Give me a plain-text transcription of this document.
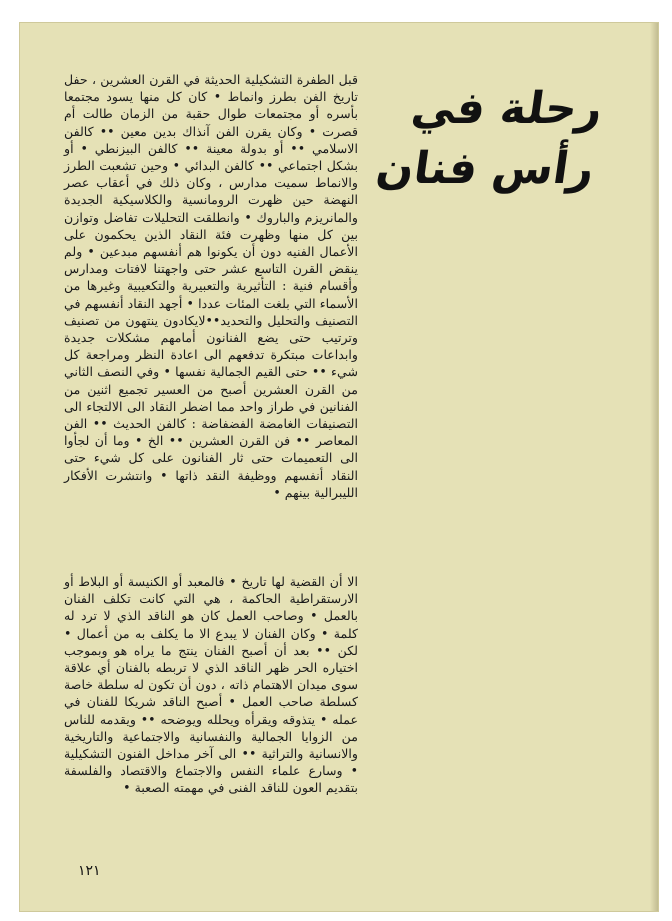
رحلة في رأس فنان

قبل الطفرة التشكيلية الحديثة في القرن العشرين ، حفل تاريخ الفن بطرز وانماط • كان كل منها يسود مجتمعا بأسره أو مجتمعات طوال حقبة من الزمان طالت أم قصرت • وكان يقرن الفن آنذاك بدين معين •• كالفن الاسلامي •• أو بدولة معينة •• كالفن البيزنطي • أو بشكل اجتماعي •• كالفن البدائي • وحين تشعبت الطرز والانماط سميت مدارس ، وكان ذلك في أعقاب عصر النهضة حين ظهرت الرومانسية والكلاسيكية الجديدة والمانريزم والباروك • وانطلقت التحليلات تفاضل وتوازن بين كل منها وظهرت فئة النقاد الذين يحكمون على الأعمال الفنيه دون أن يكونوا هم أنفسهم مبدعين • ولم ينقض القرن التاسع عشر حتى واجهتنا لافتات ومدارس وأقسام فنية : التأثيرية والتعبيرية والتكعيبية وغيرها من الأسماء التي بلغت المئات عددا • أجهد النقاد أنفسهم في التصنيف والتحليل والتحديد••لايكادون ينتهون من تصنيف وترتيب حتى يضع الفنانون أمامهم مشكلات جديدة وابداعات مبتكرة تدفعهم الى اعادة النظر ومراجعة كل شيء •• حتى القيم الجمالية نفسها • وفي النصف الثاني من القرن العشرين أصبح من العسير تجميع اثنين من الفنانين في طراز واحد مما اضطر النقاد الى الالتجاء الى التصنيفات الغامضة الفضفاضة : كالفن الحديث •• الفن المعاصر •• فن القرن العشرين •• الخ • وما أن لجأوا الى التعميمات حتى ثار الفنانون على كل شيء حتى النقاد أنفسهم ووظيفة النقد ذاتها • وانتشرت الأفكار الليبرالية بينهم •

الا أن القضية لها تاريخ • فالمعبد أو الكنيسة أو البلاط أو الارستقراطية الحاكمة ، هي التي كانت تكلف الفنان بالعمل • وصاحب العمل كان هو الناقد الذي لا ترد له كلمة • وكان الفنان لا يبدع الا ما يكلف به من أعمال • لكن •• بعد أن أصبح الفنان ينتج ما يراه هو وبموجب اختياره الحر ظهر الناقد الذي لا تربطه بالفنان أي علاقة سوى ميدان الاهتمام ذاته ، دون أن تكون له سلطة خاصة كسلطة صاحب العمل • أصبح الناقد شريكا للفنان في عمله • يتذوقه ويقرأه ويحلله ويوضحه •• ويقدمه للناس من الزوايا الجمالية والنفسانية والاجتماعية والتاريخية والانسانية والتراثية •• الى آخر مداخل الفنون التشكيلية • وسارع علماء النفس والاجتماع والاقتصاد والفلسفة بتقديم العون للناقد الفنى في مهمته الصعبة •

١٢١
